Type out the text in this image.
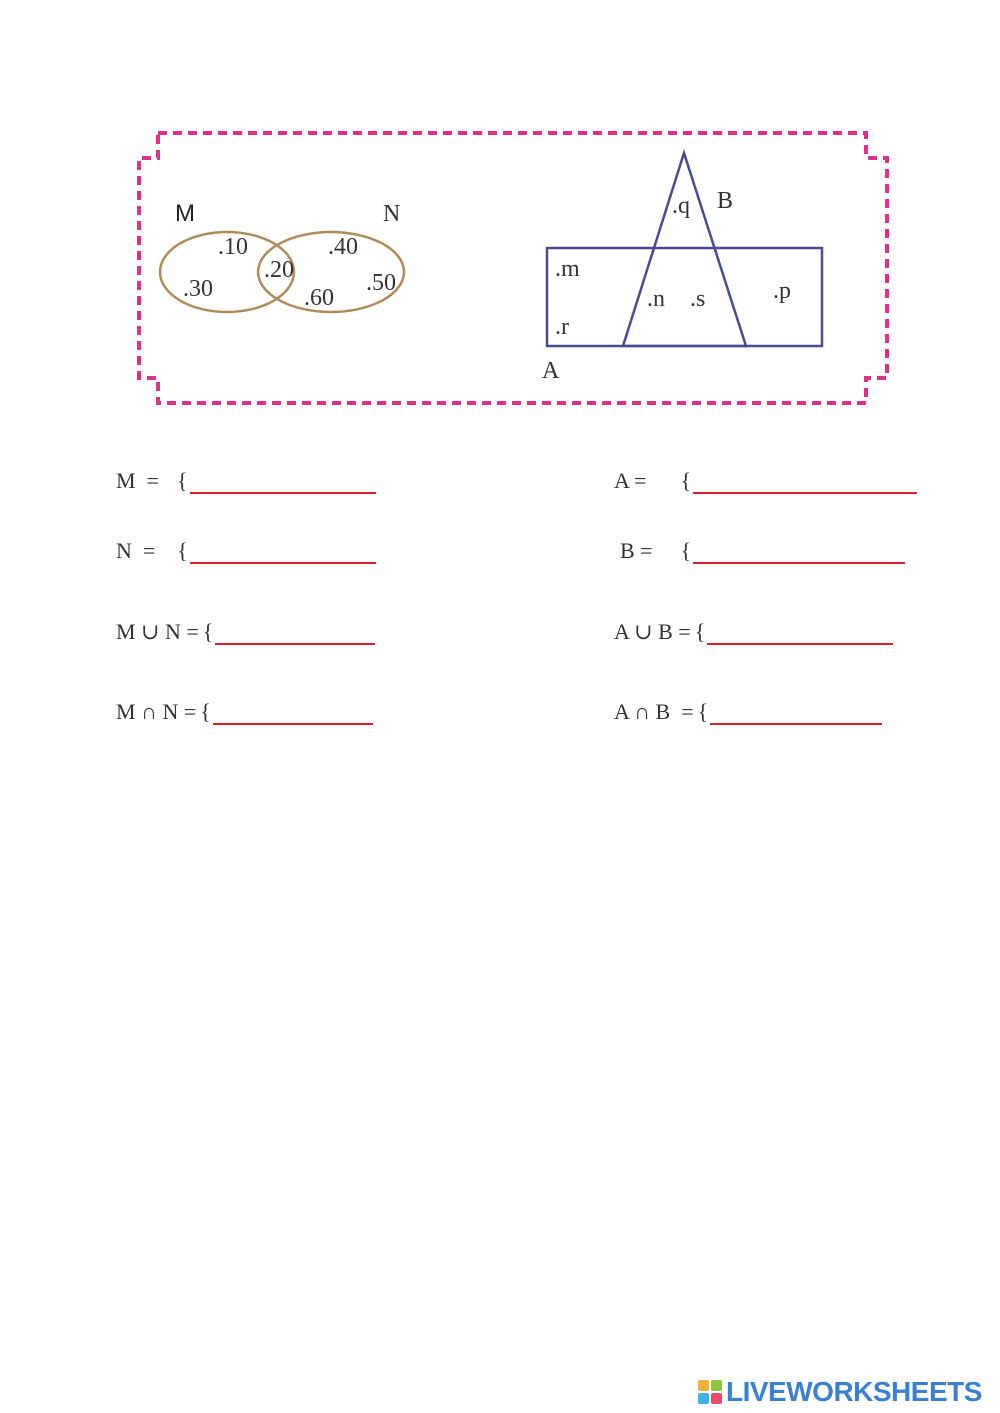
M	N
.10
.30
.20
.40
.50
.60
A
B
.q
.m
.r
.n .s	.p
M  = {
N  = {
M ∪ N = {
M ∩ N = {
A = {
B = {
A ∪ B = {
A ∩ B  = {
LIVEWORKSHEETS
